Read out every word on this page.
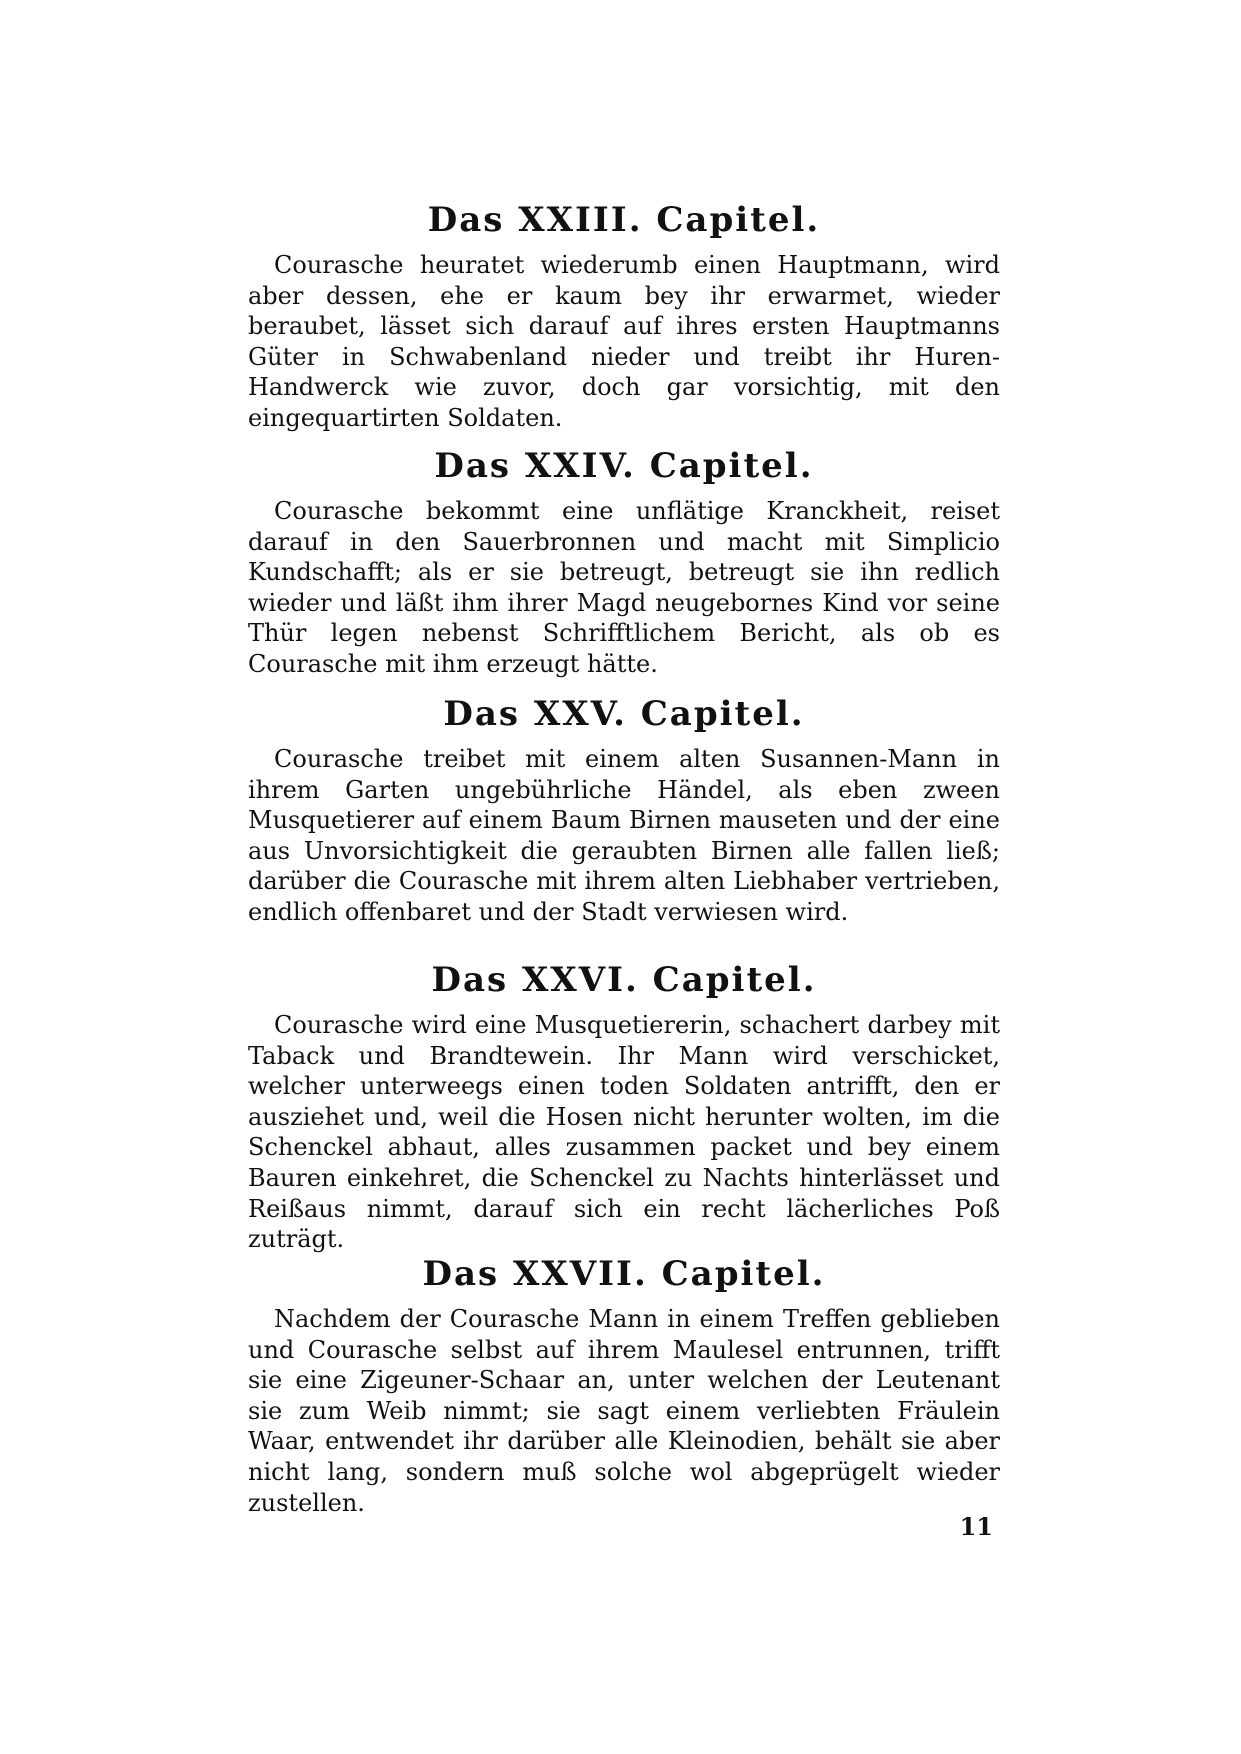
Das XXIII. Capitel.

Courasche heuratet wiederumb einen Hauptmann, wird aber dessen, ehe er kaum bey ihr erwarmet, wieder beraubet, lässet sich darauf auf ihres ersten Hauptmanns Güter in Schwabenland nieder und treibt ihr Huren-Handwerck wie zuvor, doch gar vorsichtig, mit den eingequartirten Soldaten.

Das XXIV. Capitel.

Courasche bekommt eine unflätige Kranckheit, reiset darauf in den Sauerbronnen und macht mit Simplicio Kundschafft; als er sie betreugt, betreugt sie ihn redlich wieder und läßt ihm ihrer Magd neugebornes Kind vor seine Thür legen nebenst Schrifftlichem Bericht, als ob es Courasche mit ihm erzeugt hätte.

Das XXV. Capitel.

Courasche treibet mit einem alten Susannen-Mann in ihrem Garten ungebührliche Händel, als eben zween Musquetierer auf einem Baum Birnen mauseten und der eine aus Unvorsichtigkeit die geraubten Birnen alle fallen ließ; darüber die Courasche mit ihrem alten Liebhaber vertrieben, endlich offenbaret und der Stadt verwiesen wird.

Das XXVI. Capitel.

Courasche wird eine Musquetiererin, schachert darbey mit Taback und Brandtewein. Ihr Mann wird verschicket, welcher unterweegs einen toden Soldaten antrifft, den er ausziehet und, weil die Hosen nicht herunter wolten, im die Schenckel abhaut, alles zusammen packet und bey einem Bauren einkehret, die Schenckel zu Nachts hinterlässet und Reißaus nimmt, darauf sich ein recht lächerliches Poß zuträgt.

Das XXVII. Capitel.

Nachdem der Courasche Mann in einem Treffen geblieben und Courasche selbst auf ihrem Maulesel entrunnen, trifft sie eine Zigeuner-Schaar an, unter welchen der Leutenant sie zum Weib nimmt; sie sagt einem verliebten Fräulein Waar, entwendet ihr darüber alle Kleinodien, behält sie aber nicht lang, sondern muß solche wol abgeprügelt wieder zustellen.

11
